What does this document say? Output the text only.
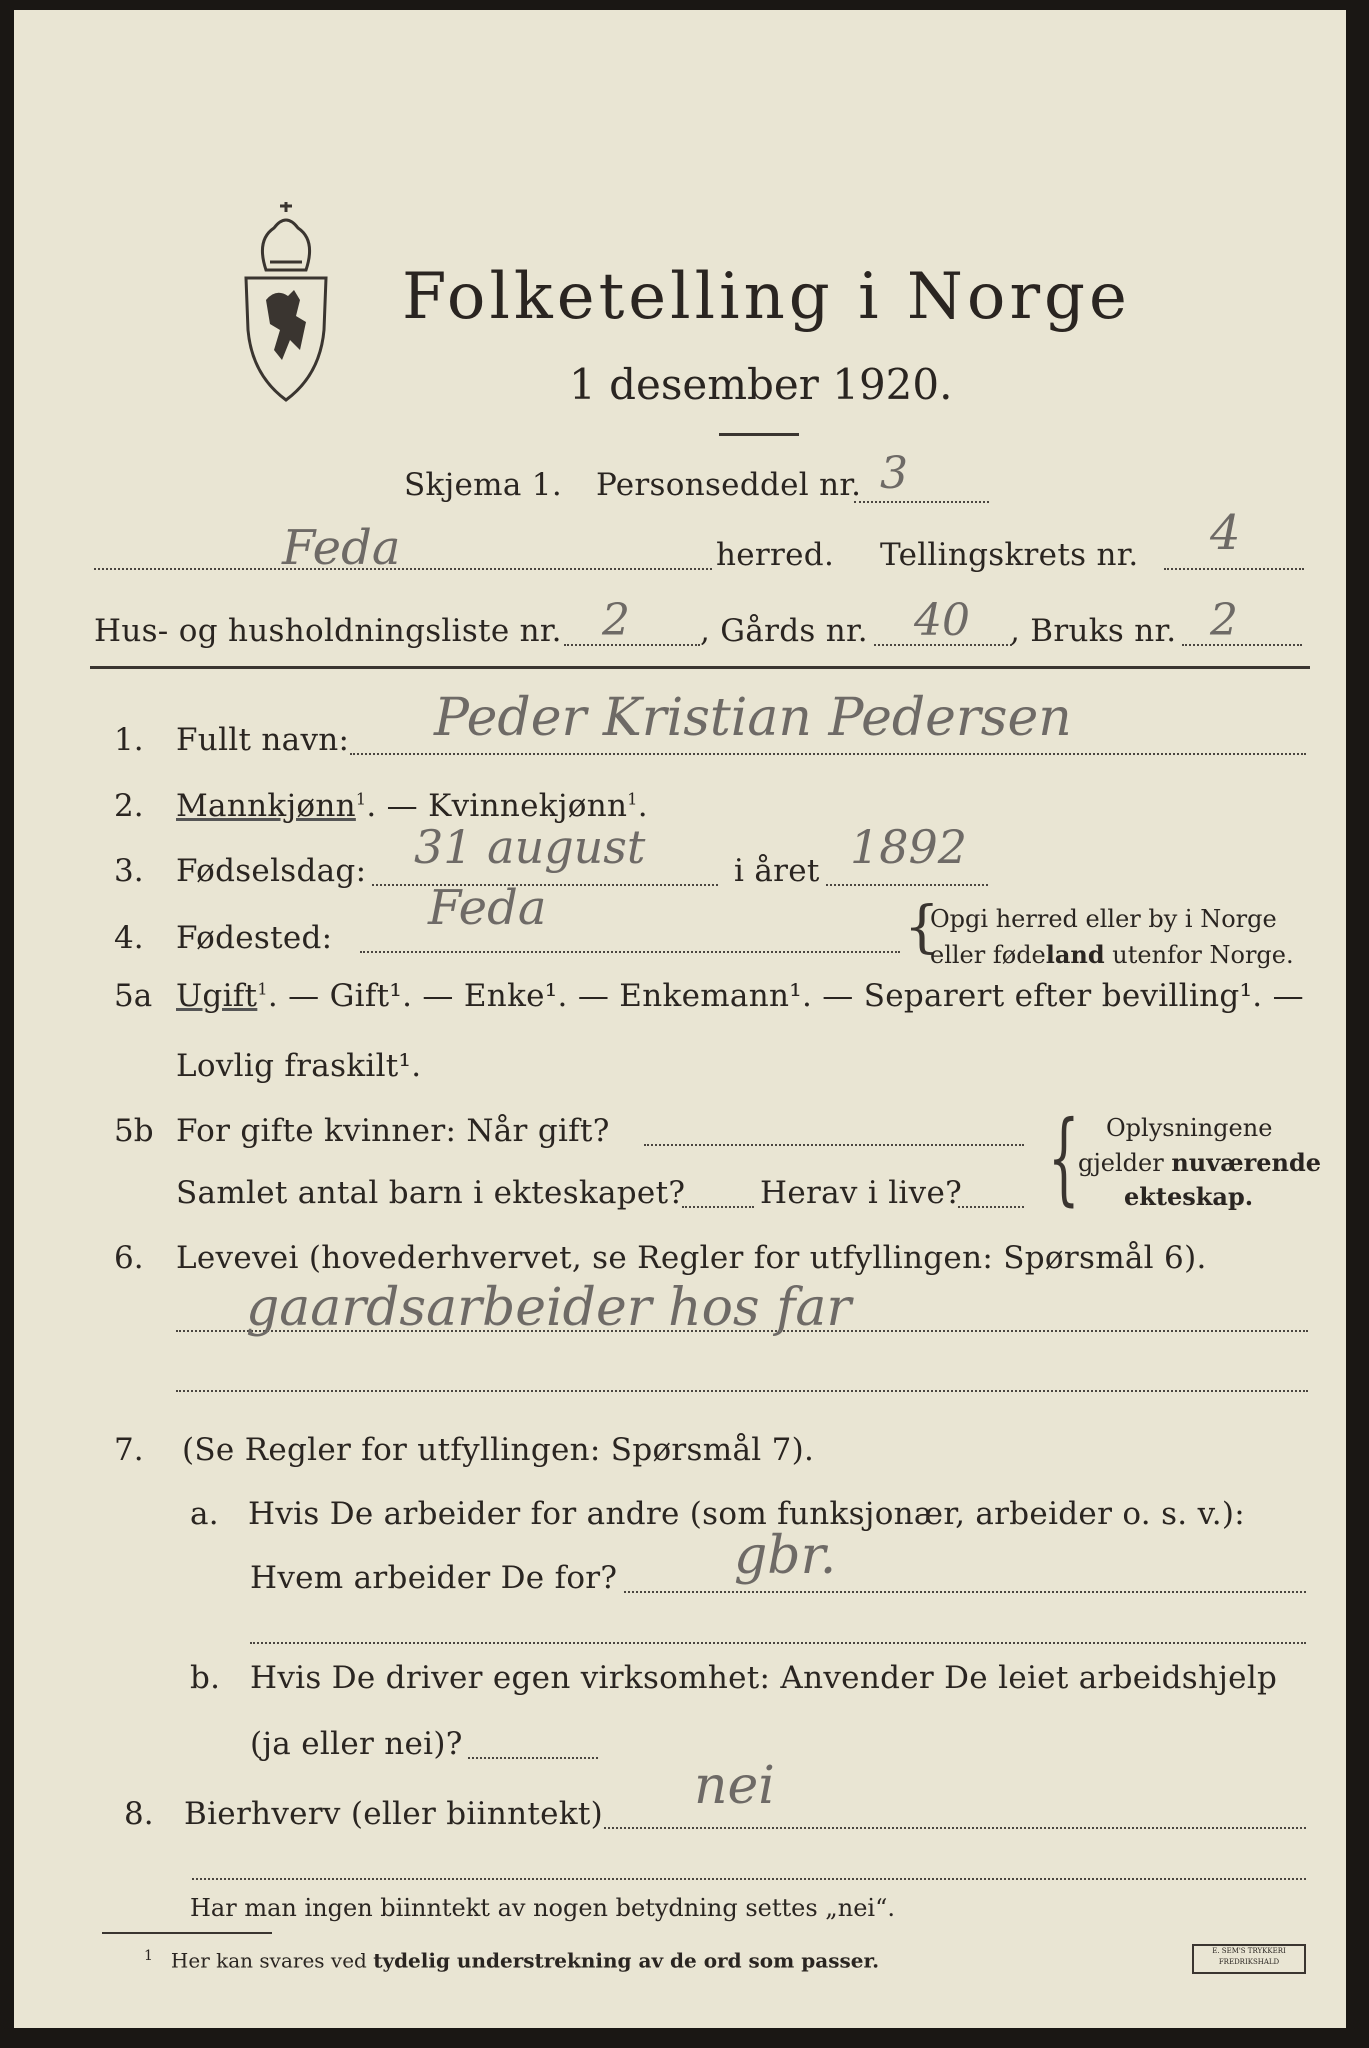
Folketelling i Norge
1 desember 1920.
Skjema 1. Personseddel nr. 3
Feda	herred. Tellingskrets nr. 4
Hus- og husholdningsliste nr. 2 , Gårds nr. 40 , Bruks nr. 2
1. Fullt navn: Peder Kristian Pedersen
2. Mannkjønn$^1$. — Kvinnekjønn$^1$.
3. Fødselsdag: 31 august	i året 1892
4. Fødested:
Feda	{
Opgi herred eller by i Norge
eller fødeland utenfor Norge.
5a Ugift$^1$. — Gift¹. — Enke¹. — Enkemann¹. — Separert efter bevilling¹. —
Lovlig fraskilt¹.
5b For gifte kvinner: Når gift?
Samlet antal barn i ekteskapet? Herav i live? { Oplysningene
gjelder nuværende
ekteskap.
6. Levevei (hovederhvervet, se Regler for utfyllingen: Spørsmål 6).
gaardsarbeider hos far
7. (Se Regler for utfyllingen: Spørsmål 7).
a. Hvis De arbeider for andre (som funksjonær, arbeider o. s. v.):
Hvem arbeider De for? gbr.
b. Hvis De driver egen virksomhet: Anvender De leiet arbeidshjelp
(ja eller nei)?
8. Bierhverv (eller biinntekt) nei
Har man ingen biinntekt av nogen betydning settes „nei“.
$^1$ Her kan svares ved tydelig understrekning av de ord som passer.	E. SEM'S TRYKKERI
FREDRIKSHALD
